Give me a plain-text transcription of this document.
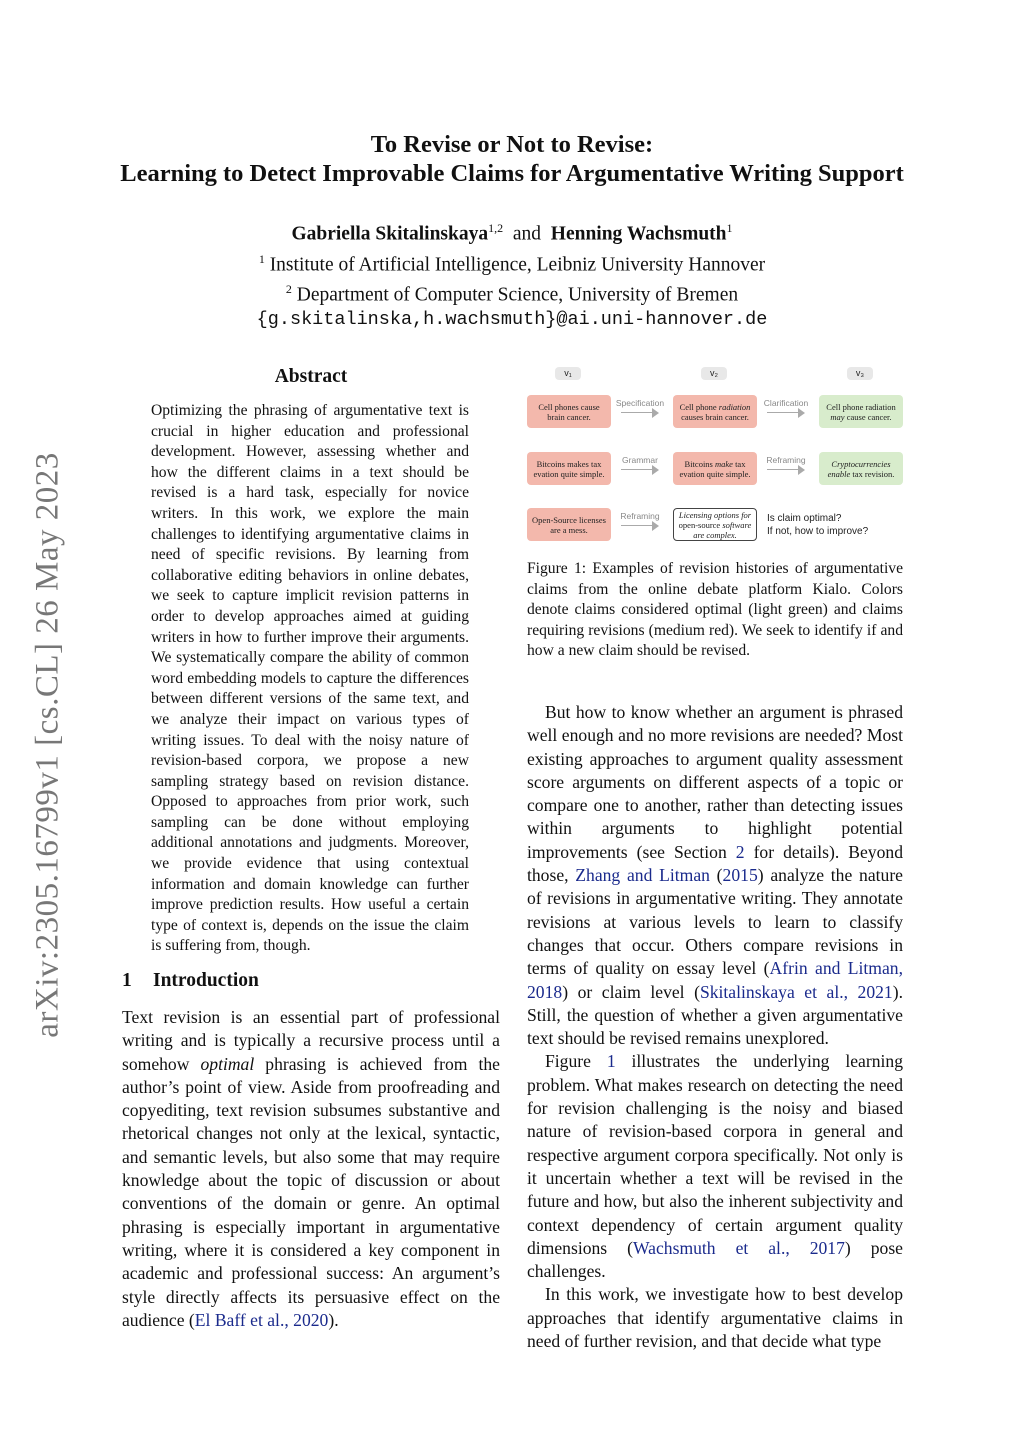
arXiv:2305.16799v1 [cs.CL] 26 May 2023
To Revise or Not to Revise:
Learning to Detect Improvable Claims for Argumentative Writing Support
Gabriella Skitalinskaya$^{1,2}$ and Henning Wachsmuth$^1$
$^1$ Institute of Artificial Intelligence, Leibniz University Hannover
$^2$ Department of Computer Science, University of Bremen
{g.skitalinska,h.wachsmuth}@ai.uni-hannover.de
Abstract
Optimizing the phrasing of argumentative text is crucial in higher education and professional development. However, assessing whether and how the different claims in a text should be revised is a hard task, especially for novice writers. In this work, we explore the main challenges to identifying argumentative claims in need of specific revisions. By learning from collaborative editing behaviors in online debates, we seek to capture implicit revision patterns in order to develop approaches aimed at guiding writers in how to further improve their arguments. We systematically compare the ability of common word embedding models to capture the differences between different versions of the same text, and we analyze their impact on various types of writing issues. To deal with the noisy nature of revision-based corpora, we propose a new sampling strategy based on revision distance. Opposed to approaches from prior work, such sampling can be done without employing additional annotations and judgments. Moreover, we provide evidence that using contextual information and domain knowledge can further improve prediction results. How useful a certain type of context is, depends on the issue the claim is suffering from, though.
1 Introduction

Text revision is an essential part of professional writing and is typically a recursive process until a somehow optimal phrasing is achieved from the author’s point of view. Aside from proofreading and copyediting, text revision subsumes substantive and rhetorical changes not only at the lexical, syntactic, and semantic levels, but also some that may require knowledge about the topic of discussion or about conventions of the domain or genre. An optimal phrasing is especially important in argumentative writing, where it is considered a key component in academic and professional success: An argument’s style directly affects its persuasive effect on the audience (El Baff et al., 2020).

v₁	v₂	v₃
Cell phones cause brain cancer.
Specification	Cell phone radiation causes brain cancer.
Clarification	Cell phone radiation may cause cancer.
Bitcoins makes tax evation quite simple.
Grammar	Bitcoins make tax evation quite simple.
Reframing	Cryptocurrencies enable tax revision.
Open-Source licenses are a mess.
Reframing	Licensing options for open-source software are complex.
Is claim optimal?
If not, how to improve?
Figure 1: Examples of revision histories of argumentative claims from the online debate platform Kialo. Colors denote claims considered optimal (light green) and claims requiring revisions (medium red). We seek to identify if and how a new claim should be revised.

But how to know whether an argument is phrased well enough and no more revisions are needed? Most existing approaches to argument quality assessment score arguments on different aspects of a topic or compare one to another, rather than detecting issues within arguments to highlight potential improvements (see Section 2 for details). Beyond those, Zhang and Litman (2015) analyze the nature of revisions in argumentative writing. They annotate revisions at various levels to learn to classify changes that occur. Others compare revisions in terms of quality on essay level (Afrin and Litman, 2018) or claim level (Skitalinskaya et al., 2021). Still, the question of whether a given argumentative text should be revised remains unexplored.

Figure 1 illustrates the underlying learning problem. What makes research on detecting the need for revision challenging is the noisy and biased nature of revision-based corpora in general and respective argument corpora specifically. Not only is it uncertain whether a text will be revised in the future and how, but also the inherent subjectivity and context dependency of certain argument quality dimensions (Wachsmuth et al., 2017) pose challenges.

In this work, we investigate how to best develop approaches that identify argumentative claims in need of further revision, and that decide what type
